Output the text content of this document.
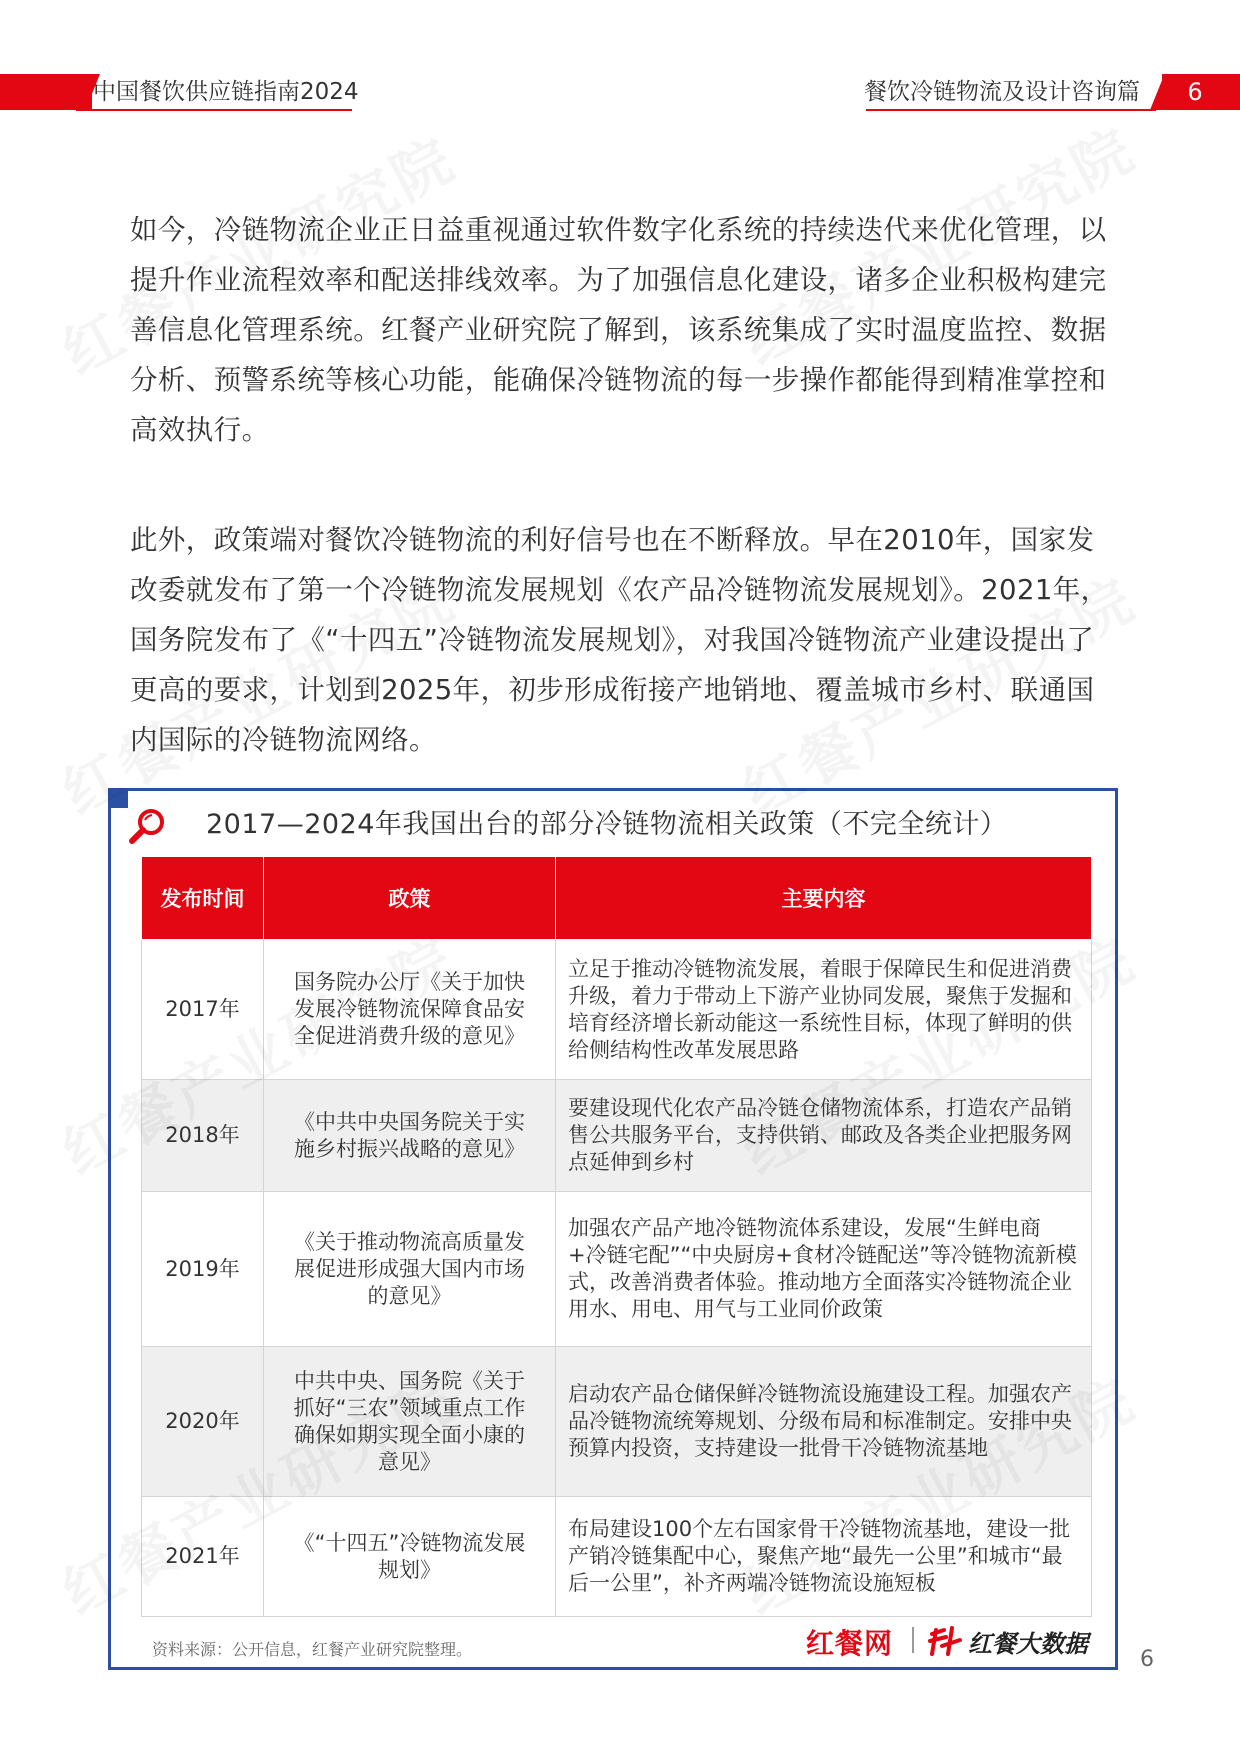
中国餐饮供应链指南2024	餐饮冷链物流及设计咨询篇	6

如今，冷链物流企业正日益重视通过软件数字化系统的持续迭代来优化管理，以提升作业流程效率和配送排线效率。为了加强信息化建设，诸多企业积极构建完善信息化管理系统。红餐产业研究院了解到，该系统集成了实时温度监控、数据分析、预警系统等核心功能，能确保冷链物流的每一步操作都能得到精准掌控和高效执行。

此外，政策端对餐饮冷链物流的利好信号也在不断释放。早在2010年，国家发改委就发布了第一个冷链物流发展规划《农产品冷链物流发展规划》。2021年，国务院发布了《“十四五”冷链物流发展规划》，对我国冷链物流产业建设提出了更高的要求，计划到2025年，初步形成衔接产地销地、覆盖城市乡村、联通国内国际的冷链物流网络。

2017—2024年我国出台的部分冷链物流相关政策（不完全统计）
发布时间	政策	主要内容
2017年	国务院办公厅《关于加快发展冷链物流保障食品安全促进消费升级的意见》	立足于推动冷链物流发展，着眼于保障民生和促进消费升级，着力于带动上下游产业协同发展，聚焦于发掘和培育经济增长新动能这一系统性目标，体现了鲜明的供给侧结构性改革发展思路
2018年	《中共中央国务院关于实施乡村振兴战略的意见》	要建设现代化农产品冷链仓储物流体系，打造农产品销售公共服务平台，支持供销、邮政及各类企业把服务网点延伸到乡村
2019年	《关于推动物流高质量发展促进形成强大国内市场的意见》	加强农产品产地冷链物流体系建设，发展“生鲜电商+冷链宅配”“中央厨房+食材冷链配送”等冷链物流新模式，改善消费者体验。推动地方全面落实冷链物流企业用水、用电、用气与工业同价政策
2020年	中共中央、国务院《关于抓好“三农”领域重点工作确保如期实现全面小康的意见》	启动农产品仓储保鲜冷链物流设施建设工程。加强农产品冷链物流统筹规划、分级布局和标准制定。安排中央预算内投资，支持建设一批骨干冷链物流基地
2021年	《“十四五”冷链物流发展规划》	布局建设100个左右国家骨干冷链物流基地，建设一批产销冷链集配中心，聚焦产地“最先一公里”和城市“最后一公里”，补齐两端冷链物流设施短板
资料来源：公开信息，红餐产业研究院整理。	红餐网	红餐大数据
6
